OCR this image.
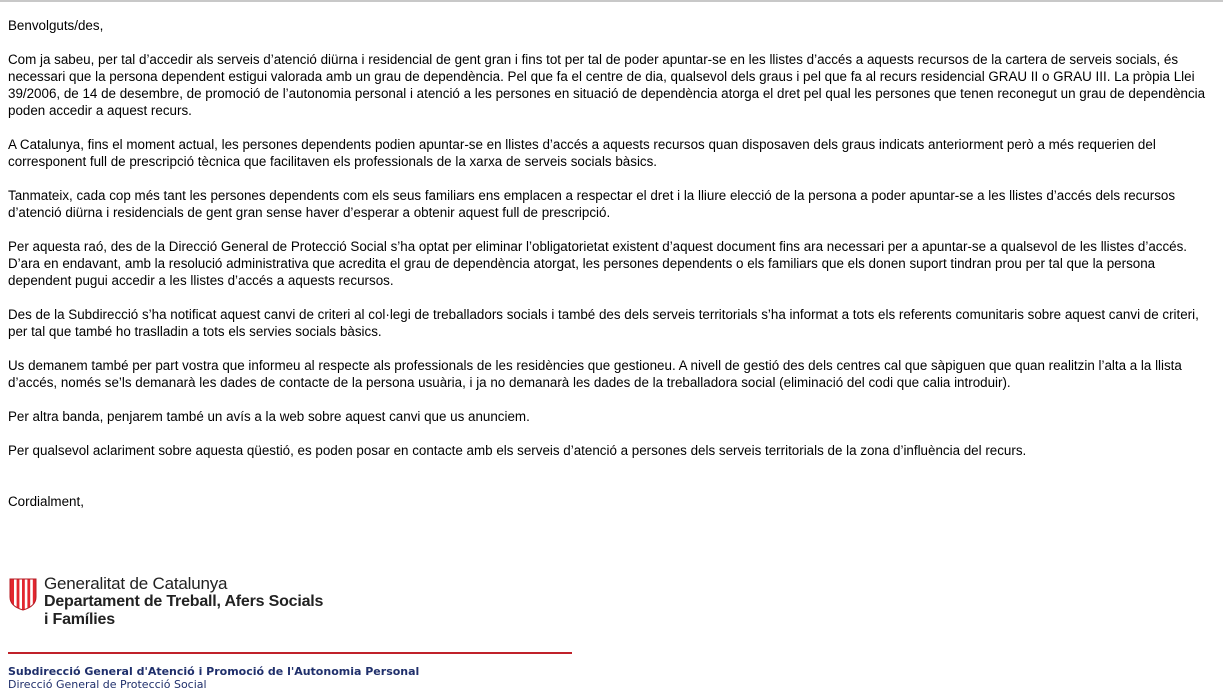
Benvolguts/des,

Com ja sabeu, per tal d’accedir als serveis d’atenció diürna i residencial de gent gran i fins tot per tal de poder apuntar-se en les llistes d’accés a aquests recursos de la cartera de serveis socials, és necessari que la persona dependent estigui valorada amb un grau de dependència. Pel que fa el centre de dia, qualsevol dels graus i pel que fa al recurs residencial GRAU II o GRAU III. La pròpia Llei 39/2006, de 14 de desembre, de promoció de l’autonomia personal i atenció a les persones en situació de dependència atorga el dret pel qual les persones que tenen reconegut un grau de dependència poden accedir a aquest recurs.

A Catalunya, fins el moment actual, les persones dependents podien apuntar-se en llistes d’accés a aquests recursos quan disposaven dels graus indicats anteriorment però a més requerien del corresponent full de prescripció tècnica que facilitaven els professionals de la xarxa de serveis socials bàsics.

Tanmateix, cada cop més tant les persones dependents com els seus familiars ens emplacen a respectar el dret i la lliure elecció de la persona a poder apuntar-se a les llistes d’accés dels recursos d’atenció diürna i residencials de gent gran sense haver d’esperar a obtenir aquest full de prescripció.

Per aquesta raó, des de la Direcció General de Protecció Social s’ha optat per eliminar l’obligatorietat existent d’aquest document fins ara necessari per a apuntar-se a qualsevol de les llistes d’accés. D’ara en endavant, amb la resolució administrativa que acredita el grau de dependència atorgat, les persones dependents o els familiars que els donen suport tindran prou per tal que la persona dependent pugui accedir a les llistes d’accés a aquests recursos.

Des de la Subdirecció s’ha notificat aquest canvi de criteri al col·legi de treballadors socials i també des dels serveis territorials s’ha informat a tots els referents comunitaris sobre aquest canvi de criteri, per tal que també ho traslladin a tots els servies socials bàsics.

Us demanem també per part vostra que informeu al respecte als professionals de les residències que gestioneu. A nivell de gestió des dels centres cal que sàpiguen que quan realitzin l’alta a la llista d’accés, només se’ls demanarà les dades de contacte de la persona usuària, i ja no demanarà les dades de la treballadora social (eliminació del codi que calia introduir).

Per altra banda, penjarem també un avís a la web sobre aquest canvi que us anunciem.

Per qualsevol aclariment sobre aquesta qüestió, es poden posar en contacte amb els serveis d’atenció a persones dels serveis territorials de la zona d’influència del recurs.

Cordialment,

Generalitat de Catalunya
Departament de Treball, Afers Socials
i Famílies
Subdirecció General d'Atenció i Promoció de l'Autonomia Personal
Direcció General de Protecció Social
